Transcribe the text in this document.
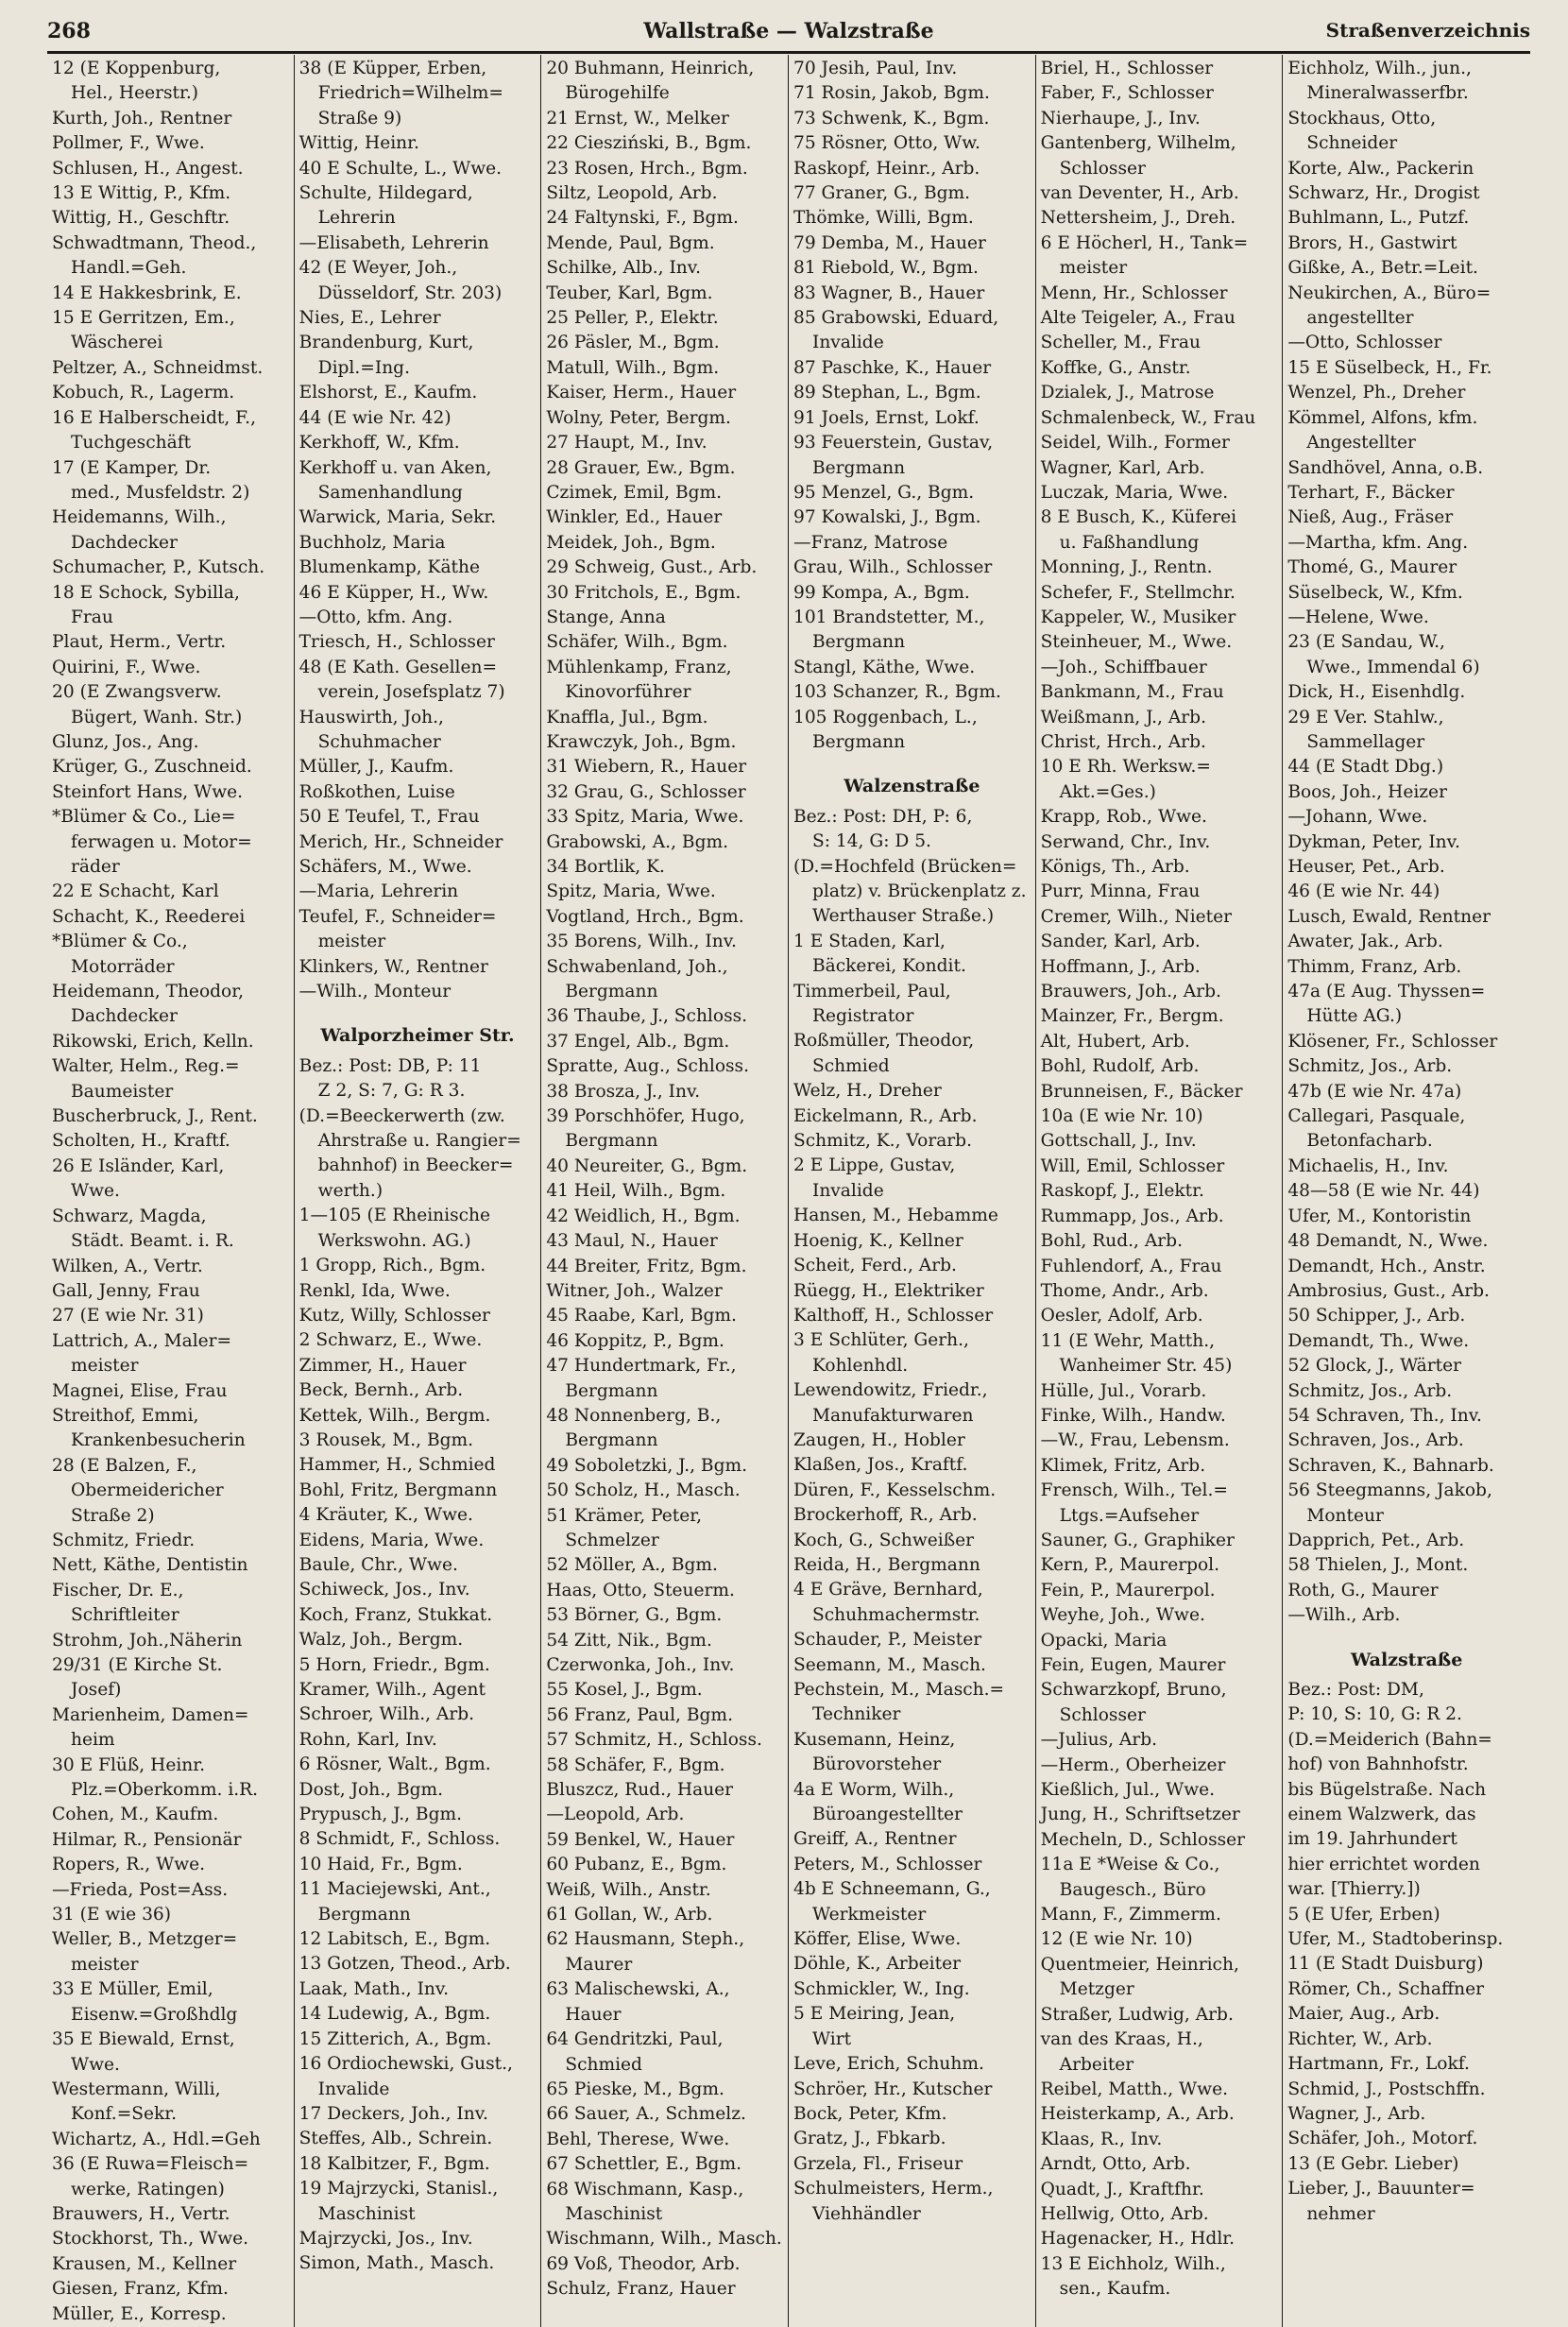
268	Wallstraße — Walzstraße	Straßenverzeichnis
12 (E Koppenburg,
Hel., Heerstr.)
Kurth, Joh., Rentner
Pollmer, F., Wwe.
Schlusen, H., Angest.
13 E Wittig, P., Kfm.
Wittig, H., Geschftr.
Schwadtmann, Theod.,
Handl.=Geh.
14 E Hakkesbrink, E.
15 E Gerritzen, Em.,
Wäscherei
Peltzer, A., Schneidmst.
Kobuch, R., Lagerm.
16 E Halberscheidt, F.,
Tuchgeschäft
17 (E Kamper, Dr.
med., Musfeldstr. 2)
Heidemanns, Wilh.,
Dachdecker
Schumacher, P., Kutsch.
18 E Schock, Sybilla,
Frau
Plaut, Herm., Vertr.
Quirini, F., Wwe.
20 (E Zwangsverw.
Bügert, Wanh. Str.)
Glunz, Jos., Ang.
Krüger, G., Zuschneid.
Steinfort Hans, Wwe.
*Blümer & Co., Lie=
ferwagen u. Motor=
räder
22 E Schacht, Karl
Schacht, K., Reederei
*Blümer & Co.,
Motorräder
Heidemann, Theodor,
Dachdecker
Rikowski, Erich, Kelln.
Walter, Helm., Reg.=
Baumeister
Buscherbruck, J., Rent.
Scholten, H., Kraftf.
26 E Isländer, Karl,
Wwe.
Schwarz, Magda,
Städt. Beamt. i. R.
Wilken, A., Vertr.
Gall, Jenny, Frau
27 (E wie Nr. 31)
Lattrich, A., Maler=
meister
Magnei, Elise, Frau
Streithof, Emmi,
Krankenbesucherin
28 (E Balzen, F.,
Obermeidericher
Straße 2)
Schmitz, Friedr.
Nett, Käthe, Dentistin
Fischer, Dr. E.,
Schriftleiter
Strohm, Joh.,Näherin
29/31 (E Kirche St.
Josef)
Marienheim, Damen=
heim
30 E Flüß, Heinr.
Plz.=Oberkomm. i.R.
Cohen, M., Kaufm.
Hilmar, R., Pensionär
Ropers, R., Wwe.
—Frieda, Post=Ass.
31 (E wie 36)
Weller, B., Metzger=
meister
33 E Müller, Emil,
Eisenw.=Großhdlg
35 E Biewald, Ernst,
Wwe.
Westermann, Willi,
Konf.=Sekr.
Wichartz, A., Hdl.=Geh
36 (E Ruwa=Fleisch=
werke, Ratingen)
Brauwers, H., Vertr.
Stockhorst, Th., Wwe.
Krausen, M., Kellner
Giesen, Franz, Kfm.
Müller, E., Korresp.
38 (E Küpper, Erben,
Friedrich=Wilhelm=
Straße 9)
Wittig, Heinr.
40 E Schulte, L., Wwe.
Schulte, Hildegard,
Lehrerin
—Elisabeth, Lehrerin
42 (E Weyer, Joh.,
Düsseldorf, Str. 203)
Nies, E., Lehrer
Brandenburg, Kurt,
Dipl.=Ing.
Elshorst, E., Kaufm.
44 (E wie Nr. 42)
Kerkhoff, W., Kfm.
Kerkhoff u. van Aken,
Samenhandlung
Warwick, Maria, Sekr.
Buchholz, Maria
Blumenkamp, Käthe
46 E Küpper, H., Ww.
—Otto, kfm. Ang.
Triesch, H., Schlosser
48 (E Kath. Gesellen=
verein, Josefsplatz 7)
Hauswirth, Joh.,
Schuhmacher
Müller, J., Kaufm.
Roßkothen, Luise
50 E Teufel, T., Frau
Merich, Hr., Schneider
Schäfers, M., Wwe.
—Maria, Lehrerin
Teufel, F., Schneider=
meister
Klinkers, W., Rentner
—Wilh., Monteur
Walporzheimer Str.
Bez.: Post: DB, P: 11
Z 2, S: 7, G: R 3.
(D.=Beeckerwerth (zw.
Ahrstraße u. Rangier=
bahnhof) in Beecker=
werth.)
1—105 (E Rheinische
Werkswohn. AG.)
1 Gropp, Rich., Bgm.
Renkl, Ida, Wwe.
Kutz, Willy, Schlosser
2 Schwarz, E., Wwe.
Zimmer, H., Hauer
Beck, Bernh., Arb.
Kettek, Wilh., Bergm.
3 Rousek, M., Bgm.
Hammer, H., Schmied
Bohl, Fritz, Bergmann
4 Kräuter, K., Wwe.
Eidens, Maria, Wwe.
Baule, Chr., Wwe.
Schiweck, Jos., Inv.
Koch, Franz, Stukkat.
Walz, Joh., Bergm.
5 Horn, Friedr., Bgm.
Kramer, Wilh., Agent
Schroer, Wilh., Arb.
Rohn, Karl, Inv.
6 Rösner, Walt., Bgm.
Dost, Joh., Bgm.
Prypusch, J., Bgm.
8 Schmidt, F., Schloss.
10 Haid, Fr., Bgm.
11 Maciejewski, Ant.,
Bergmann
12 Labitsch, E., Bgm.
13 Gotzen, Theod., Arb.
Laak, Math., Inv.
14 Ludewig, A., Bgm.
15 Zitterich, A., Bgm.
16 Ordiochewski, Gust.,
Invalide
17 Deckers, Joh., Inv.
Steffes, Alb., Schrein.
18 Kalbitzer, F., Bgm.
19 Majrzycki, Stanisl.,
Maschinist
Majrzycki, Jos., Inv.
Simon, Math., Masch.
20 Buhmann, Heinrich,
Bürogehilfe
21 Ernst, W., Melker
22 Ciesziński, B., Bgm.
23 Rosen, Hrch., Bgm.
Siltz, Leopold, Arb.
24 Faltynski, F., Bgm.
Mende, Paul, Bgm.
Schilke, Alb., Inv.
Teuber, Karl, Bgm.
25 Peller, P., Elektr.
26 Päsler, M., Bgm.
Matull, Wilh., Bgm.
Kaiser, Herm., Hauer
Wolny, Peter, Bergm.
27 Haupt, M., Inv.
28 Grauer, Ew., Bgm.
Czimek, Emil, Bgm.
Winkler, Ed., Hauer
Meidek, Joh., Bgm.
29 Schweig, Gust., Arb.
30 Fritchols, E., Bgm.
Stange, Anna
Schäfer, Wilh., Bgm.
Mühlenkamp, Franz,
Kinovorführer
Knaffla, Jul., Bgm.
Krawczyk, Joh., Bgm.
31 Wiebern, R., Hauer
32 Grau, G., Schlosser
33 Spitz, Maria, Wwe.
Grabowski, A., Bgm.
34 Bortlik, K.
Spitz, Maria, Wwe.
Vogtland, Hrch., Bgm.
35 Borens, Wilh., Inv.
Schwabenland, Joh.,
Bergmann
36 Thaube, J., Schloss.
37 Engel, Alb., Bgm.
Spratte, Aug., Schloss.
38 Brosza, J., Inv.
39 Porschhöfer, Hugo,
Bergmann
40 Neureiter, G., Bgm.
41 Heil, Wilh., Bgm.
42 Weidlich, H., Bgm.
43 Maul, N., Hauer
44 Breiter, Fritz, Bgm.
Witner, Joh., Walzer
45 Raabe, Karl, Bgm.
46 Koppitz, P., Bgm.
47 Hundertmark, Fr.,
Bergmann
48 Nonnenberg, B.,
Bergmann
49 Soboletzki, J., Bgm.
50 Scholz, H., Masch.
51 Krämer, Peter,
Schmelzer
52 Möller, A., Bgm.
Haas, Otto, Steuerm.
53 Börner, G., Bgm.
54 Zitt, Nik., Bgm.
Czerwonka, Joh., Inv.
55 Kosel, J., Bgm.
56 Franz, Paul, Bgm.
57 Schmitz, H., Schloss.
58 Schäfer, F., Bgm.
Bluszcz, Rud., Hauer
—Leopold, Arb.
59 Benkel, W., Hauer
60 Pubanz, E., Bgm.
Weiß, Wilh., Anstr.
61 Gollan, W., Arb.
62 Hausmann, Steph.,
Maurer
63 Malischewski, A.,
Hauer
64 Gendritzki, Paul,
Schmied
65 Pieske, M., Bgm.
66 Sauer, A., Schmelz.
Behl, Therese, Wwe.
67 Schettler, E., Bgm.
68 Wischmann, Kasp.,
Maschinist
Wischmann, Wilh., Masch.
69 Voß, Theodor, Arb.
Schulz, Franz, Hauer
70 Jesih, Paul, Inv.
71 Rosin, Jakob, Bgm.
73 Schwenk, K., Bgm.
75 Rösner, Otto, Ww.
Raskopf, Heinr., Arb.
77 Graner, G., Bgm.
Thömke, Willi, Bgm.
79 Demba, M., Hauer
81 Riebold, W., Bgm.
83 Wagner, B., Hauer
85 Grabowski, Eduard,
Invalide
87 Paschke, K., Hauer
89 Stephan, L., Bgm.
91 Joels, Ernst, Lokf.
93 Feuerstein, Gustav,
Bergmann
95 Menzel, G., Bgm.
97 Kowalski, J., Bgm.
—Franz, Matrose
Grau, Wilh., Schlosser
99 Kompa, A., Bgm.
101 Brandstetter, M.,
Bergmann
Stangl, Käthe, Wwe.
103 Schanzer, R., Bgm.
105 Roggenbach, L.,
Bergmann
Walzenstraße
Bez.: Post: DH, P: 6,
S: 14, G: D 5.
(D.=Hochfeld (Brücken=
platz) v. Brückenplatz z.
Werthauser Straße.)
1 E Staden, Karl,
Bäckerei, Kondit.
Timmerbeil, Paul,
Registrator
Roßmüller, Theodor,
Schmied
Welz, H., Dreher
Eickelmann, R., Arb.
Schmitz, K., Vorarb.
2 E Lippe, Gustav,
Invalide
Hansen, M., Hebamme
Hoenig, K., Kellner
Scheit, Ferd., Arb.
Rüegg, H., Elektriker
Kalthoff, H., Schlosser
3 E Schlüter, Gerh.,
Kohlenhdl.
Lewendowitz, Friedr.,
Manufakturwaren
Zaugen, H., Hobler
Klaßen, Jos., Kraftf.
Düren, F., Kesselschm.
Brockerhoff, R., Arb.
Koch, G., Schweißer
Reida, H., Bergmann
4 E Gräve, Bernhard,
Schuhmachermstr.
Schauder, P., Meister
Seemann, M., Masch.
Pechstein, M., Masch.=
Techniker
Kusemann, Heinz,
Bürovorsteher
4a E Worm, Wilh.,
Büroangestellter
Greiff, A., Rentner
Peters, M., Schlosser
4b E Schneemann, G.,
Werkmeister
Köffer, Elise, Wwe.
Döhle, K., Arbeiter
Schmickler, W., Ing.
5 E Meiring, Jean,
Wirt
Leve, Erich, Schuhm.
Schröer, Hr., Kutscher
Bock, Peter, Kfm.
Gratz, J., Fbkarb.
Grzela, Fl., Friseur
Schulmeisters, Herm.,
Viehhändler
Briel, H., Schlosser
Faber, F., Schlosser
Nierhaupe, J., Inv.
Gantenberg, Wilhelm,
Schlosser
van Deventer, H., Arb.
Nettersheim, J., Dreh.
6 E Höcherl, H., Tank=
meister
Menn, Hr., Schlosser
Alte Teigeler, A., Frau
Scheller, M., Frau
Koffke, G., Anstr.
Dzialek, J., Matrose
Schmalenbeck, W., Frau
Seidel, Wilh., Former
Wagner, Karl, Arb.
Luczak, Maria, Wwe.
8 E Busch, K., Küferei
u. Faßhandlung
Monning, J., Rentn.
Schefer, F., Stellmchr.
Kappeler, W., Musiker
Steinheuer, M., Wwe.
—Joh., Schiffbauer
Bankmann, M., Frau
Weißmann, J., Arb.
Christ, Hrch., Arb.
10 E Rh. Werksw.=
Akt.=Ges.)
Krapp, Rob., Wwe.
Serwand, Chr., Inv.
Königs, Th., Arb.
Purr, Minna, Frau
Cremer, Wilh., Nieter
Sander, Karl, Arb.
Hoffmann, J., Arb.
Brauwers, Joh., Arb.
Mainzer, Fr., Bergm.
Alt, Hubert, Arb.
Bohl, Rudolf, Arb.
Brunneisen, F., Bäcker
10a (E wie Nr. 10)
Gottschall, J., Inv.
Will, Emil, Schlosser
Raskopf, J., Elektr.
Rummapp, Jos., Arb.
Bohl, Rud., Arb.
Fuhlendorf, A., Frau
Thome, Andr., Arb.
Oesler, Adolf, Arb.
11 (E Wehr, Matth.,
Wanheimer Str. 45)
Hülle, Jul., Vorarb.
Finke, Wilh., Handw.
—W., Frau, Lebensm.
Klimek, Fritz, Arb.
Frensch, Wilh., Tel.=
Ltgs.=Aufseher
Sauner, G., Graphiker
Kern, P., Maurerpol.
Fein, P., Maurerpol.
Weyhe, Joh., Wwe.
Opacki, Maria
Fein, Eugen, Maurer
Schwarzkopf, Bruno,
Schlosser
—Julius, Arb.
—Herm., Oberheizer
Kießlich, Jul., Wwe.
Jung, H., Schriftsetzer
Mecheln, D., Schlosser
11a E *Weise & Co.,
Baugesch., Büro
Mann, F., Zimmerm.
12 (E wie Nr. 10)
Quentmeier, Heinrich,
Metzger
Straßer, Ludwig, Arb.
van des Kraas, H.,
Arbeiter
Reibel, Matth., Wwe.
Heisterkamp, A., Arb.
Klaas, R., Inv.
Arndt, Otto, Arb.
Quadt, J., Kraftfhr.
Hellwig, Otto, Arb.
Hagenacker, H., Hdlr.
13 E Eichholz, Wilh.,
sen., Kaufm.
Eichholz, Wilh., jun.,
Mineralwasserfbr.
Stockhaus, Otto,
Schneider
Korte, Alw., Packerin
Schwarz, Hr., Drogist
Buhlmann, L., Putzf.
Brors, H., Gastwirt
Gißke, A., Betr.=Leit.
Neukirchen, A., Büro=
angestellter
—Otto, Schlosser
15 E Süselbeck, H., Fr.
Wenzel, Ph., Dreher
Kömmel, Alfons, kfm.
Angestellter
Sandhövel, Anna, o.B.
Terhart, F., Bäcker
Nieß, Aug., Fräser
—Martha, kfm. Ang.
Thomé, G., Maurer
Süselbeck, W., Kfm.
—Helene, Wwe.
23 (E Sandau, W.,
Wwe., Immendal 6)
Dick, H., Eisenhdlg.
29 E Ver. Stahlw.,
Sammellager
44 (E Stadt Dbg.)
Boos, Joh., Heizer
—Johann, Wwe.
Dykman, Peter, Inv.
Heuser, Pet., Arb.
46 (E wie Nr. 44)
Lusch, Ewald, Rentner
Awater, Jak., Arb.
Thimm, Franz, Arb.
47a (E Aug. Thyssen=
Hütte AG.)
Klösener, Fr., Schlosser
Schmitz, Jos., Arb.
47b (E wie Nr. 47a)
Callegari, Pasquale,
Betonfacharb.
Michaelis, H., Inv.
48—58 (E wie Nr. 44)
Ufer, M., Kontoristin
48 Demandt, N., Wwe.
Demandt, Hch., Anstr.
Ambrosius, Gust., Arb.
50 Schipper, J., Arb.
Demandt, Th., Wwe.
52 Glock, J., Wärter
Schmitz, Jos., Arb.
54 Schraven, Th., Inv.
Schraven, Jos., Arb.
Schraven, K., Bahnarb.
56 Steegmanns, Jakob,
Monteur
Dapprich, Pet., Arb.
58 Thielen, J., Mont.
Roth, G., Maurer
—Wilh., Arb.
Walzstraße
Bez.: Post: DM,
P: 10, S: 10, G: R 2.
(D.=Meiderich (Bahn=
hof) von Bahnhofstr.
bis Bügelstraße. Nach
einem Walzwerk, das
im 19. Jahrhundert
hier errichtet worden
war. [Thierry.])
5 (E Ufer, Erben)
Ufer, M., Stadtoberinsp.
11 (E Stadt Duisburg)
Römer, Ch., Schaffner
Maier, Aug., Arb.
Richter, W., Arb.
Hartmann, Fr., Lokf.
Schmid, J., Postschffn.
Wagner, J., Arb.
Schäfer, Joh., Motorf.
13 (E Gebr. Lieber)
Lieber, J., Bauunter=
nehmer
